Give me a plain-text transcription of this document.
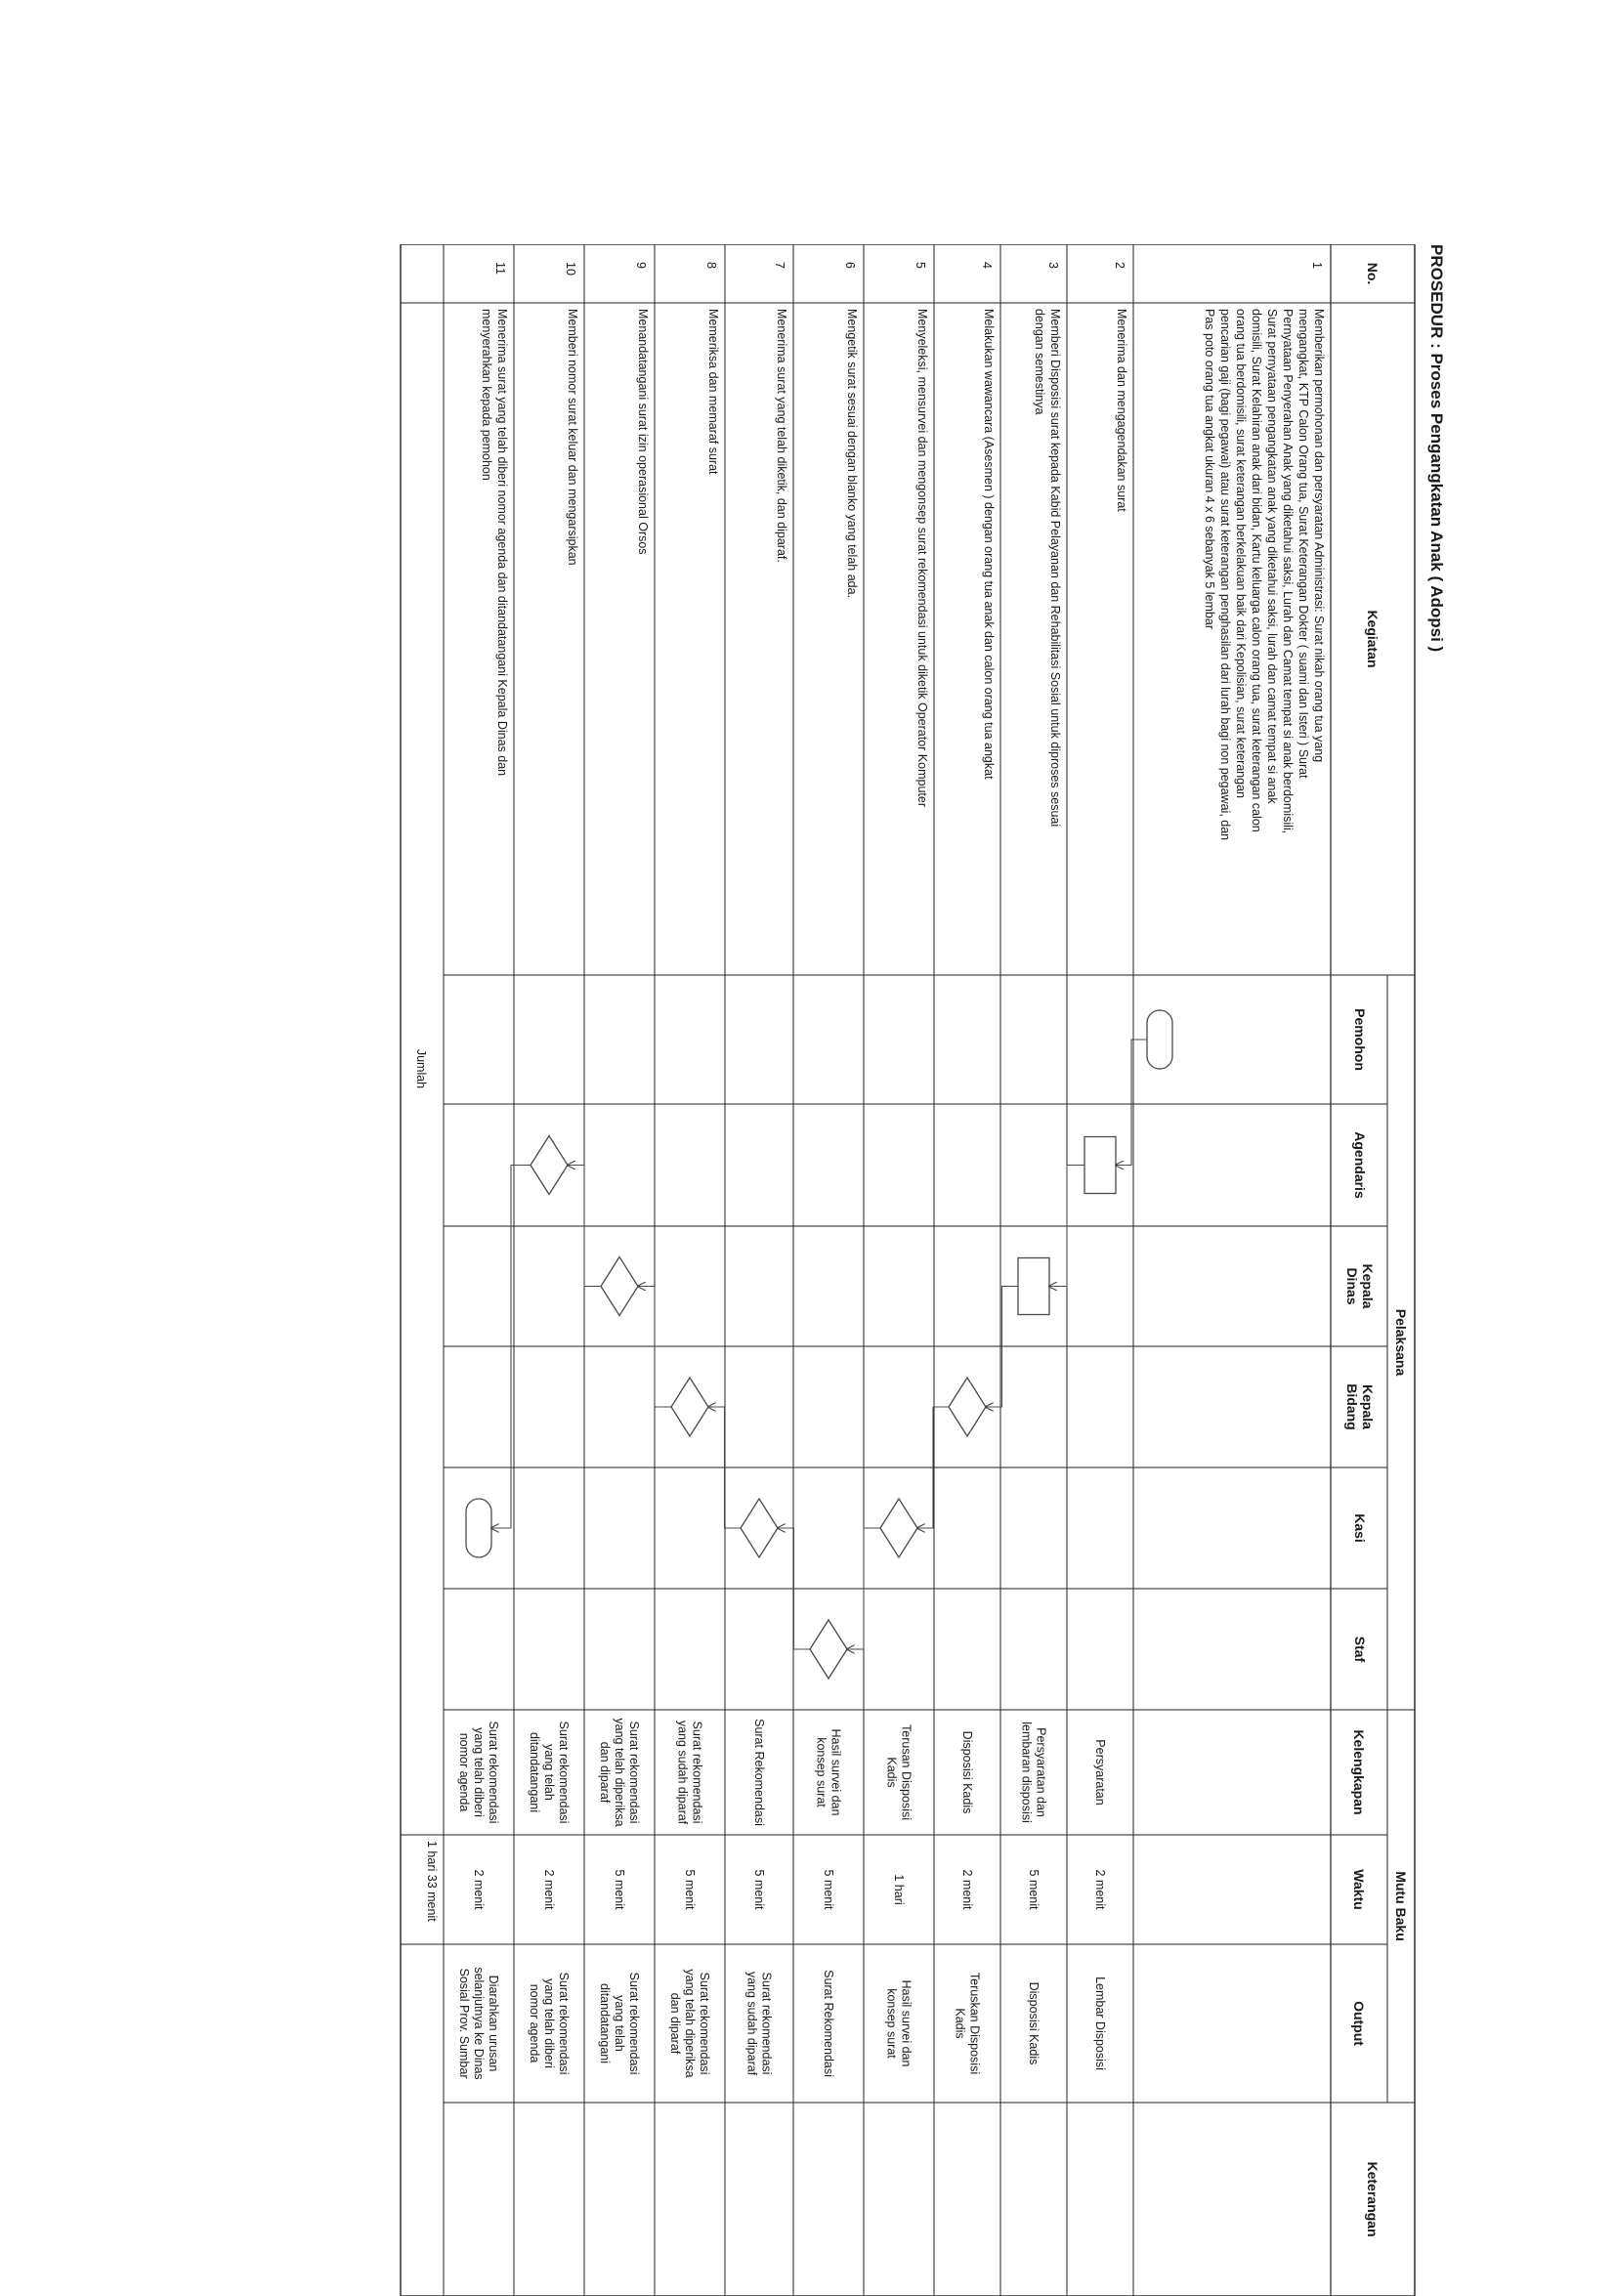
PROSEDUR : Proses Pengangkatan Anak ( Adopsi )
No.
Kegiatan
Pelaksana
Mutu Baku
Keterangan
Pemohon
Agendaris
Kepala
Dinas
Kepala
Bidang
Kasi
Staf
Kelengkapan
Waktu
Output
1
Memberikan permohonan dan persyaratan Administrasi: Surat nikah orang tua yang
mengangkat, KTP Calon Orang tua, Surat Keterangan Dokter ( suami dan Isteri ) Surat
Pernyataan Penyerahan Anak yang diketahui saksi, Lurah dan Camat tempat si anak berdomisili,
Surat pernyataan pengangkatan anak yang diketahui saksi, lurah dan camat tempat si anak
domisili, Surat Kelahiran anak dari bidan, Kartu keluarga calon orang tua, surat keterangan calon
orang tua berdomisili, surat keterangan berkelakuan baik dari Kepolisian, surat keterangan
pencarian gaji (bagi pegawai) atau surat keterangan penghasilan dari lurah bagi non pegawai, dan
Pas poto orang tua angkat ukuran 4 x 6 sebanyak 5 lembar
2
Menerima dan mengagendakan surat
Persyaratan
2 menit
Lembar Disposisi
3
Memberi Disposisi surat kepada Kabid Pelayanan dan Rehabilitasi Sosial untuk diproses sesuai
dengan semestinya
Persyaratan dan
lembaran disposisi
5 menit
Disposisi Kadis
4
Melakukan wawancara (Asesmen ) dengan orang tua anak dan calon orang tua angkat
Disposisi Kadis
2 menit
Teruskan Disposisi
Kadis
5
Menyeleksi, mensurvei dan mengonsep surat rekomendasi untuk diketik Operator Komputer
Terusan Disposisi
Kadis
1 hari
Hasil survei dan
konsep surat
6
Mengetik surat sesuai dengan blanko yang telah ada.
Hasil survei dan
konsep surat
5 menit
Surat Rekomendasi
7
Menerima surat yang telah diketik, dan diparaf.
Surat Rekomendasi
5 menit
Surat rekomendasi
yang sudah diparaf
8
Memeriksa dan memaraf surat
Surat rekomendasi
yang sudah diparaf
5 menit
Surat rekomendasi
yang telah diperiksa
dan diparaf
9
Menandatangani surat izin operasional Orsos
Surat rekomendasi
yang telah diperiksa
dan diparaf
5 menit
Surat rekomendasi
yang telah
ditandatangani
10
Memberi nomor surat keluar dan mengarsipkan
Surat rekomendasi
yang telah
ditandatangani
2 menit
Surat rekomendasi
yang telah diberi
nomor agenda
11
Menerima surat yang telah diberi nomor agenda dan ditandatangani Kepala Dinas dan
menyerahkan kepada pemohon
Surat rekomendasi
yang telah diberi
nomor agenda
2 menit
Diarahkan urusan
selanjutnya ke Dinas
Sosial Prov. Sumbar
Jumlah
1 hari 33 menit
